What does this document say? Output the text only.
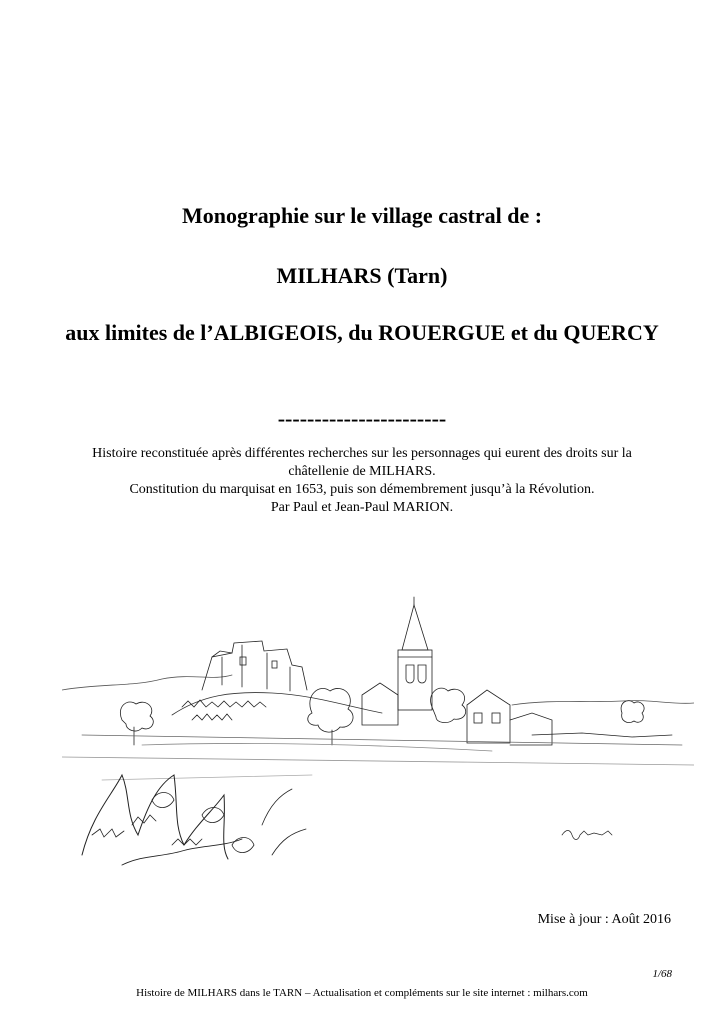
Monographie sur le village castral de :
MILHARS (Tarn)
aux limites de l’ALBIGEOIS, du ROUERGUE et du QUERCY
-----------------------
Histoire reconstituée après différentes recherches sur les personnages qui eurent des droits sur la
châtellenie de MILHARS.
Constitution du marquisat en 1653, puis son démembrement jusqu’à la Révolution.
Par Paul et Jean-Paul MARION.
Mise à jour : Août 2016
1/68
Histoire de MILHARS dans le TARN – Actualisation et compléments sur le site internet : milhars.com
